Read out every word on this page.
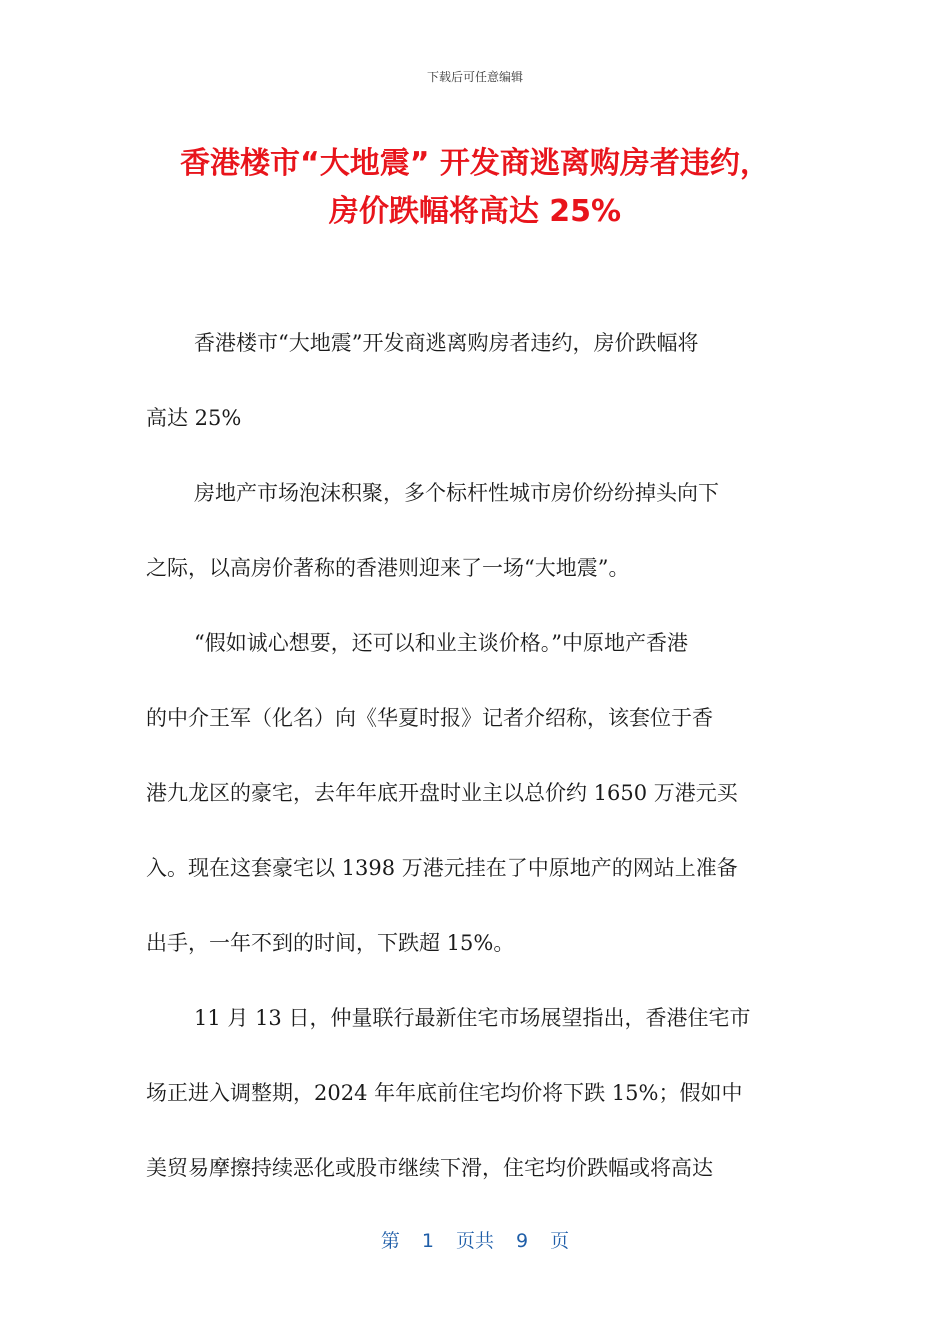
下载后可任意编辑
香港楼市“大地震” 开发商逃离购房者违约，
房价跌幅将高达 25%
香港楼市“大地震”开发商逃离购房者违约，房价跌幅将
高达 25%
房地产市场泡沫积聚，多个标杆性城市房价纷纷掉头向下
之际，以高房价著称的香港则迎来了一场“大地震”。
“假如诚心想要，还可以和业主谈价格。”中原地产香港
的中介王军（化名）向《华夏时报》记者介绍称，该套位于香
港九龙区的豪宅，去年年底开盘时业主以总价约 1650 万港元买
入。现在这套豪宅以 1398 万港元挂在了中原地产的网站上准备
出手，一年不到的时间，下跌超 15%。
11 月 13 日，仲量联行最新住宅市场展望指出，香港住宅市
场正进入调整期，2024 年年底前住宅均价将下跌 15%；假如中
美贸易摩擦持续恶化或股市继续下滑，住宅均价跌幅或将高达
第 1 页共 9 页
